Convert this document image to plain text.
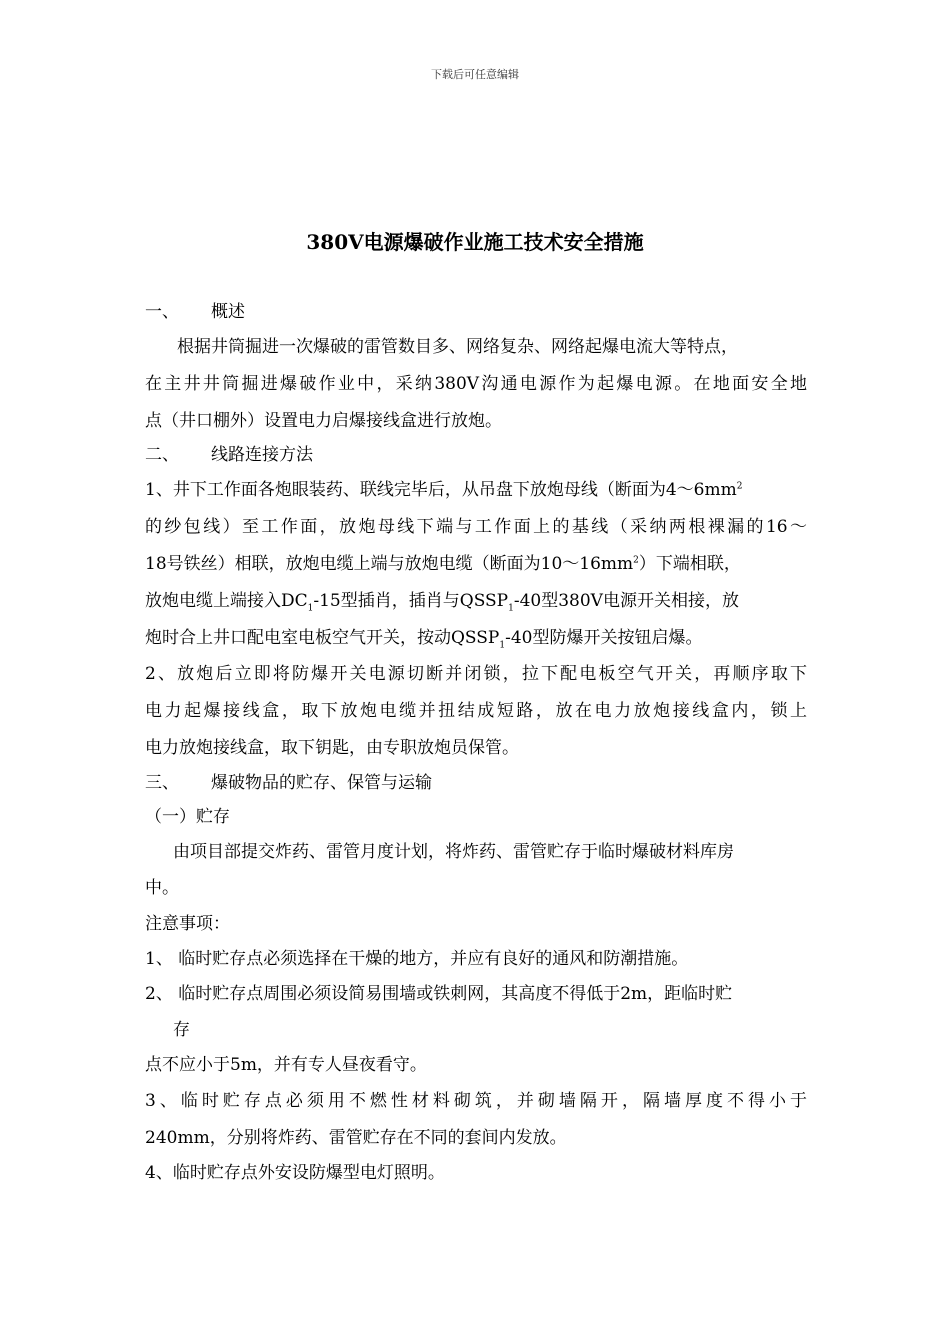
下载后可任意编辑
380V电源爆破作业施工技术安全措施
一、 概述
根据井筒掘进一次爆破的雷管数目多、网络复杂、网络起爆电流大等特点，
在主井井筒掘进爆破作业中，采纳380V沟通电源作为起爆电源。在地面安全地
点（井口棚外）设置电力启爆接线盒进行放炮。
二、 线路连接方法
1、井下工作面各炮眼装药、联线完毕后，从吊盘下放炮母线（断面为$4\sim 6mm^2$
的纱包线）至工作面，放炮母线下端与工作面上的基线（采纳两根裸漏的16～
18号铁丝）相联，放炮电缆上端与放炮电缆（断面为$10\sim 16mm^2$）下端相联，
放炮电缆上端接入$DC_1-15$型插肖，插肖与$QSSP_1-40$型380V电源开关相接，放
炮时合上井口配电室电板空气开关，按动$QSSP_1-40$型防爆开关按钮启爆。
2、放炮后立即将防爆开关电源切断并闭锁，拉下配电板空气开关，再顺序取下
电力起爆接线盒，取下放炮电缆并扭结成短路，放在电力放炮接线盒内，锁上
电力放炮接线盒，取下钥匙，由专职放炮员保管。
三、 爆破物品的贮存、保管与运输
（一）贮存
由项目部提交炸药、雷管月度计划，将炸药、雷管贮存于临时爆破材料库房
中。
注意事项：
1、 临时贮存点必须选择在干燥的地方，并应有良好的通风和防潮措施。
2、 临时贮存点周围必须设简易围墙或铁刺网，其高度不得低于2m，距临时贮
存
点不应小于5m，并有专人昼夜看守。
3、临时贮存点必须用不燃性材料砌筑，并砌墙隔开，隔墙厚度不得小于
240mm，分别将炸药、雷管贮存在不同的套间内发放。
4、临时贮存点外安设防爆型电灯照明。
